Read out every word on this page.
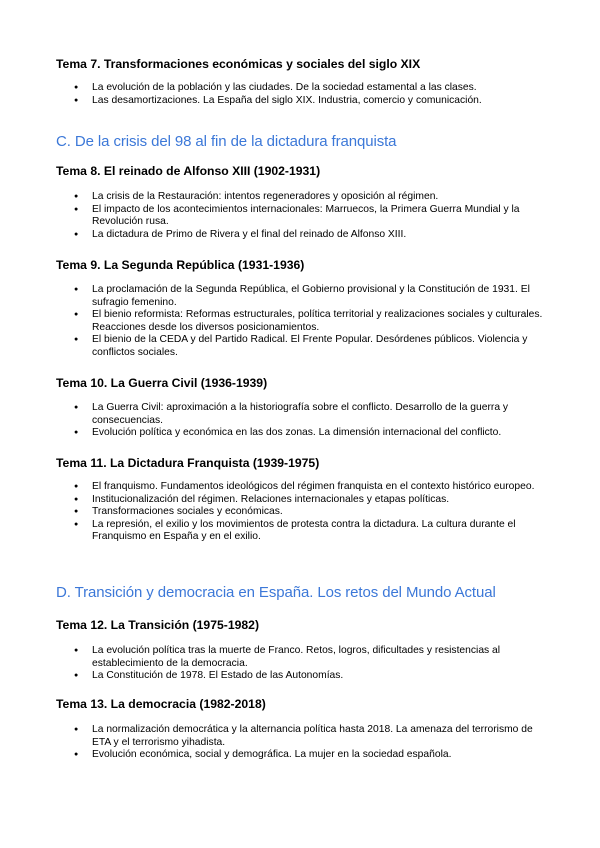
Tema 7. Transformaciones económicas y sociales del siglo XIX
● La evolución de la población y las ciudades. De la sociedad estamental a las clases.
● Las desamortizaciones. La España del siglo XIX. Industria, comercio y comunicación.
C. De la crisis del 98 al fin de la dictadura franquista
Tema 8. El reinado de Alfonso XIII (1902-1931)
● La crisis de la Restauración: intentos regeneradores y oposición al régimen.
● El impacto de los acontecimientos internacionales: Marruecos, la Primera Guerra Mundial y la Revolución rusa.
● La dictadura de Primo de Rivera y el final del reinado de Alfonso XIII.
Tema 9. La Segunda República (1931-1936)
● La proclamación de la Segunda República, el Gobierno provisional y la Constitución de 1931. El sufragio femenino.
● El bienio reformista: Reformas estructurales, política territorial y realizaciones sociales y culturales. Reacciones desde los diversos posicionamientos.
● El bienio de la CEDA y del Partido Radical. El Frente Popular. Desórdenes públicos. Violencia y conflictos sociales.
Tema 10. La Guerra Civil (1936-1939)
● La Guerra Civil: aproximación a la historiografía sobre el conflicto. Desarrollo de la guerra y consecuencias.
● Evolución política y económica en las dos zonas. La dimensión internacional del conflicto.
Tema 11. La Dictadura Franquista (1939-1975)
● El franquismo. Fundamentos ideológicos del régimen franquista en el contexto histórico europeo.
● Institucionalización del régimen. Relaciones internacionales y etapas políticas.
● Transformaciones sociales y económicas.
● La represión, el exilio y los movimientos de protesta contra la dictadura. La cultura durante el Franquismo en España y en el exilio.
D. Transición y democracia en España. Los retos del Mundo Actual
Tema 12. La Transición (1975-1982)
● La evolución política tras la muerte de Franco. Retos, logros, dificultades y resistencias al establecimiento de la democracia.
● La Constitución de 1978. El Estado de las Autonomías.
Tema 13. La democracia (1982-2018)
● La normalización democrática y la alternancia política hasta 2018. La amenaza del terrorismo de ETA y el terrorismo yihadista.
● Evolución económica, social y demográfica. La mujer en la sociedad española.
